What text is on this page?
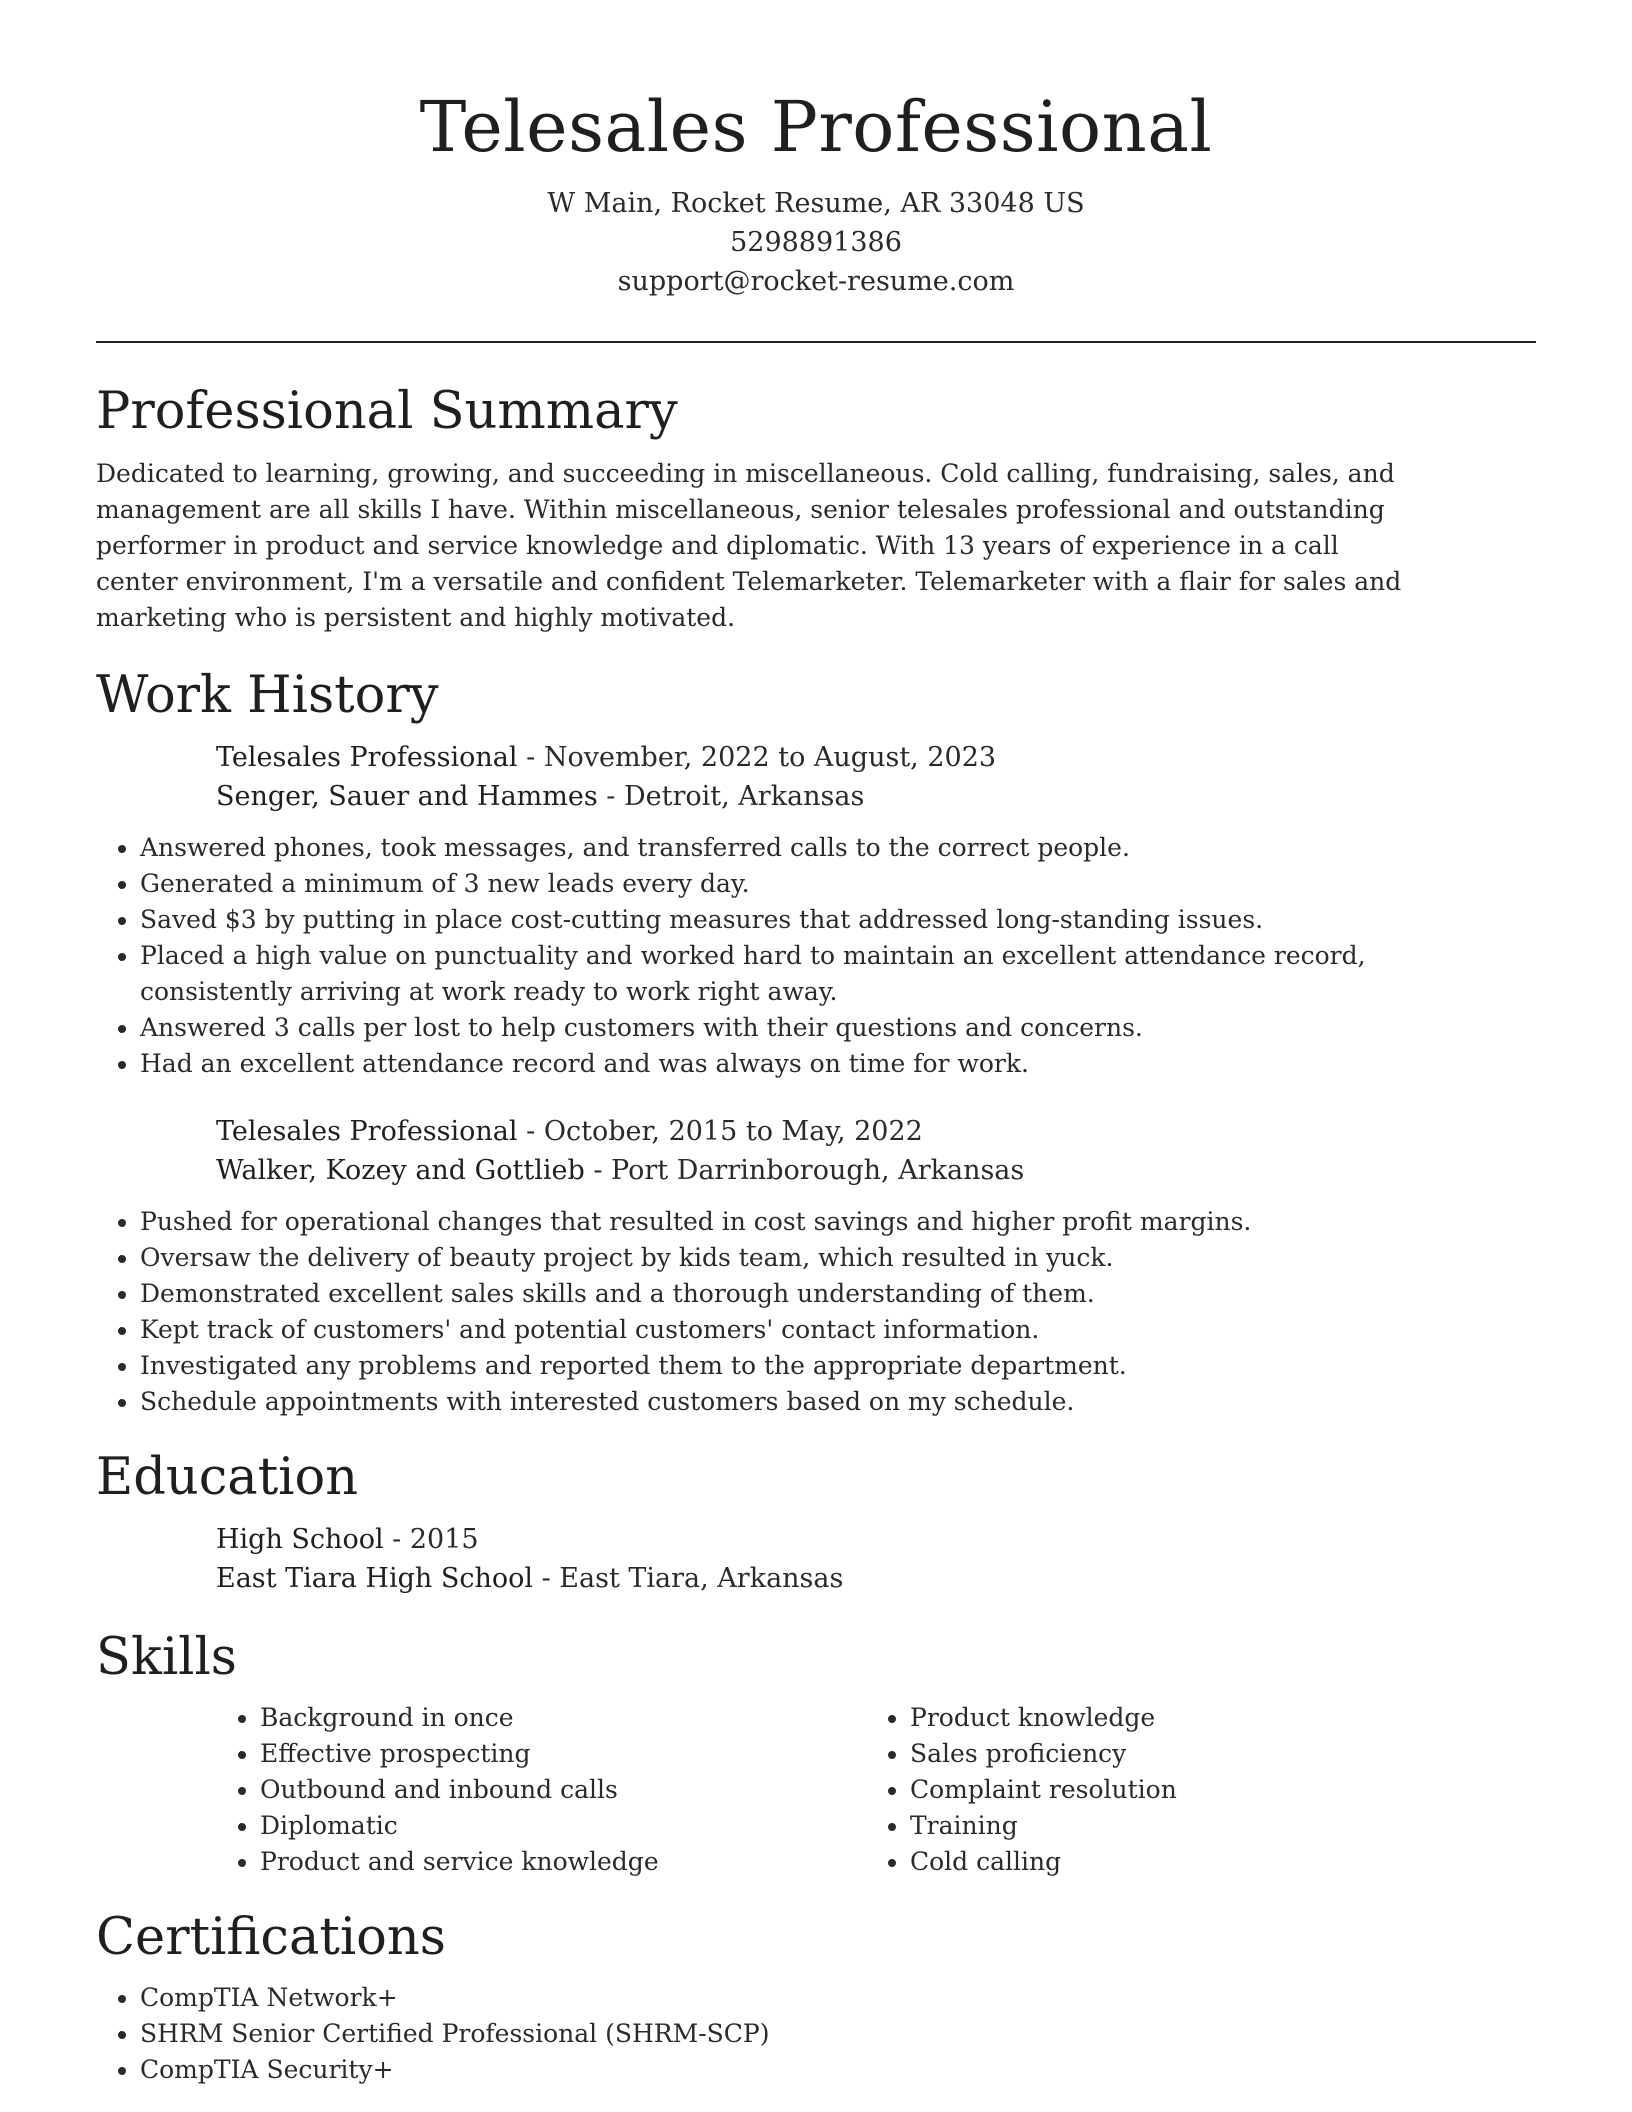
Telesales Professional
W Main, Rocket Resume, AR 33048 US
5298891386
support@rocket-resume.com
Professional Summary

Dedicated to learning, growing, and succeeding in miscellaneous. Cold calling, fundraising, sales, and management are all skills I have. Within miscellaneous, senior telesales professional and outstanding performer in product and service knowledge and diplomatic. With 13 years of experience in a call center environment, I'm a versatile and confident Telemarketer. Telemarketer with a flair for sales and marketing who is persistent and highly motivated.

Work History
Telesales Professional - November, 2022 to August, 2023
Senger, Sauer and Hammes - Detroit, Arkansas
• Answered phones, took messages, and transferred calls to the correct people.
• Generated a minimum of 3 new leads every day.
• Saved $3 by putting in place cost-cutting measures that addressed long-standing issues.
• Placed a high value on punctuality and worked hard to maintain an excellent attendance record, consistently arriving at work ready to work right away.
• Answered 3 calls per lost to help customers with their questions and concerns.
• Had an excellent attendance record and was always on time for work.
Telesales Professional - October, 2015 to May, 2022
Walker, Kozey and Gottlieb - Port Darrinborough, Arkansas
• Pushed for operational changes that resulted in cost savings and higher profit margins.
• Oversaw the delivery of beauty project by kids team, which resulted in yuck.
• Demonstrated excellent sales skills and a thorough understanding of them.
• Kept track of customers' and potential customers' contact information.
• Investigated any problems and reported them to the appropriate department.
• Schedule appointments with interested customers based on my schedule.
Education
High School - 2015
East Tiara High School - East Tiara, Arkansas
Skills
• Background in once
• Effective prospecting
• Outbound and inbound calls
• Diplomatic
• Product and service knowledge
• Product knowledge
• Sales proficiency
• Complaint resolution
• Training
• Cold calling
Certifications
• CompTIA Network+
• SHRM Senior Certified Professional (SHRM-SCP)
• CompTIA Security+
